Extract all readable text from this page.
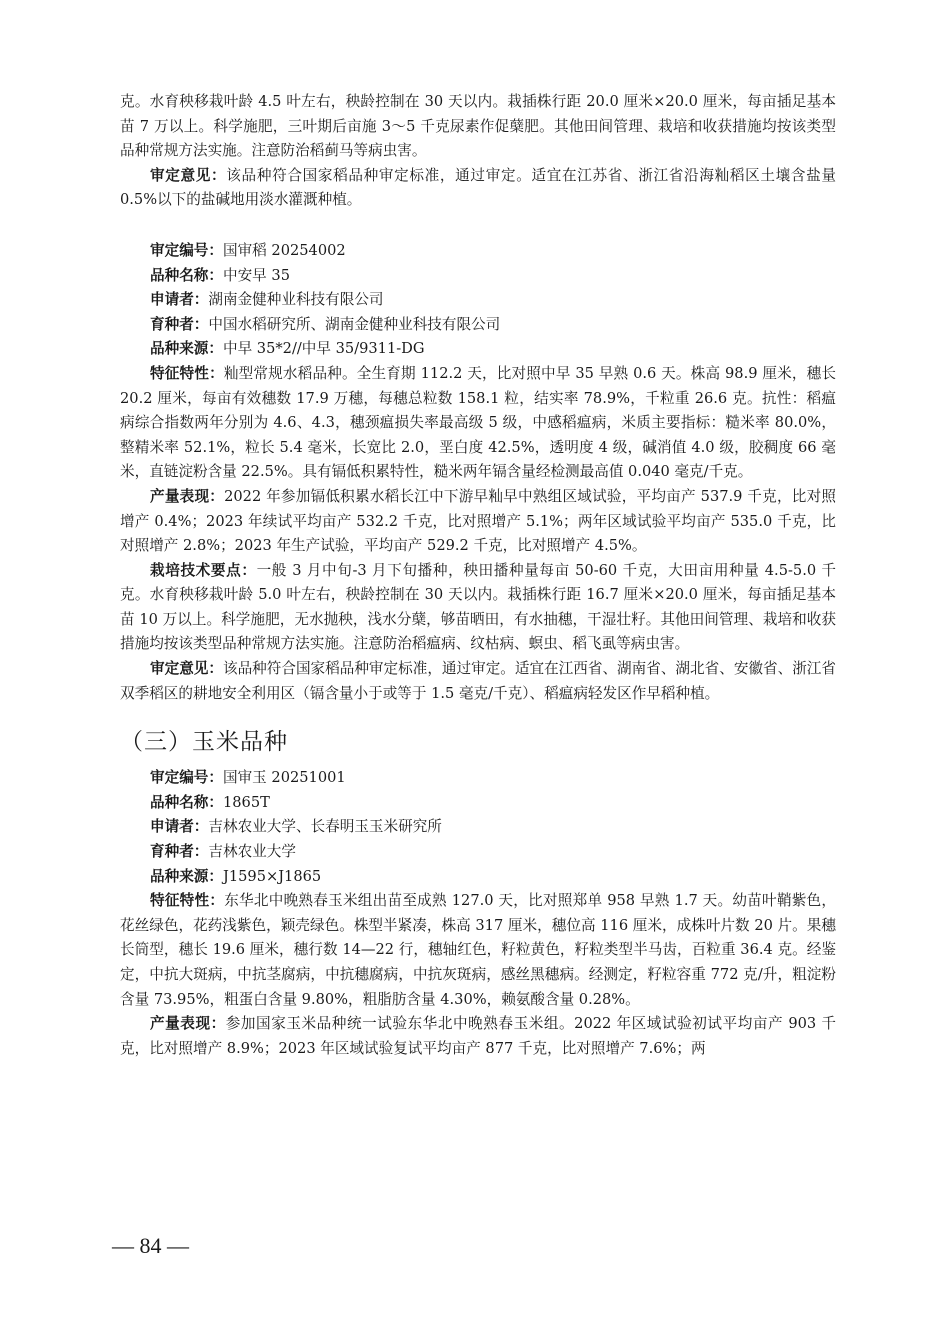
克。水育秧移栽叶龄 4.5 叶左右，秧龄控制在 30 天以内。栽插株行距 20.0 厘米×20.0 厘米，每亩插足基本苗 7 万以上。科学施肥，三叶期后亩施 3～5 千克尿素作促蘖肥。其他田间管理、栽培和收获措施均按该类型品种常规方法实施。注意防治稻蓟马等病虫害。

审定意见：该品种符合国家稻品种审定标准，通过审定。适宜在江苏省、浙江省沿海籼稻区土壤含盐量 0.5%以下的盐碱地用淡水灌溉种植。

审定编号：国审稻 20254002

品种名称：中安早 35

申请者：湖南金健种业科技有限公司

育种者：中国水稻研究所、湖南金健种业科技有限公司

品种来源：中早 35*2//中早 35/9311-DG

特征特性：籼型常规水稻品种。全生育期 112.2 天，比对照中早 35 早熟 0.6 天。株高 98.9 厘米，穗长 20.2 厘米，每亩有效穗数 17.9 万穗，每穗总粒数 158.1 粒，结实率 78.9%，千粒重 26.6 克。抗性：稻瘟病综合指数两年分别为 4.6、4.3，穗颈瘟损失率最高级 5 级，中感稻瘟病，米质主要指标：糙米率 80.0%，整精米率 52.1%，粒长 5.4 毫米，长宽比 2.0，垩白度 42.5%，透明度 4 级，碱消值 4.0 级，胶稠度 66 毫米，直链淀粉含量 22.5%。具有镉低积累特性，糙米两年镉含量经检测最高值 0.040 毫克/千克。

产量表现：2022 年参加镉低积累水稻长江中下游早籼早中熟组区域试验，平均亩产 537.9 千克，比对照增产 0.4%；2023 年续试平均亩产 532.2 千克，比对照增产 5.1%；两年区域试验平均亩产 535.0 千克，比对照增产 2.8%；2023 年生产试验，平均亩产 529.2 千克，比对照增产 4.5%。

栽培技术要点：一般 3 月中旬-3 月下旬播种，秧田播种量每亩 50-60 千克，大田亩用种量 4.5-5.0 千克。水育秧移栽叶龄 5.0 叶左右，秧龄控制在 30 天以内。栽插株行距 16.7 厘米×20.0 厘米，每亩插足基本苗 10 万以上。科学施肥，无水抛秧，浅水分蘖，够苗晒田，有水抽穗，干湿壮籽。其他田间管理、栽培和收获措施均按该类型品种常规方法实施。注意防治稻瘟病、纹枯病、螟虫、稻飞虱等病虫害。

审定意见：该品种符合国家稻品种审定标准，通过审定。适宜在江西省、湖南省、湖北省、安徽省、浙江省双季稻区的耕地安全利用区（镉含量小于或等于 1.5 毫克/千克）、稻瘟病轻发区作早稻种植。

（三）玉米品种

审定编号：国审玉 20251001

品种名称：1865T

申请者：吉林农业大学、长春明玉玉米研究所

育种者：吉林农业大学

品种来源：J1595×J1865

特征特性：东华北中晚熟春玉米组出苗至成熟 127.0 天，比对照郑单 958 早熟 1.7 天。幼苗叶鞘紫色，花丝绿色，花药浅紫色，颖壳绿色。株型半紧凑，株高 317 厘米，穗位高 116 厘米，成株叶片数 20 片。果穗长筒型，穗长 19.6 厘米，穗行数 14—22 行，穗轴红色，籽粒黄色，籽粒类型半马齿，百粒重 36.4 克。经鉴定，中抗大斑病，中抗茎腐病，中抗穗腐病，中抗灰斑病，感丝黑穗病。经测定，籽粒容重 772 克/升，粗淀粉含量 73.95%，粗蛋白含量 9.80%，粗脂肪含量 4.30%，赖氨酸含量 0.28%。

产量表现：参加国家玉米品种统一试验东华北中晚熟春玉米组。2022 年区域试验初试平均亩产 903 千克，比对照增产 8.9%；2023 年区域试验复试平均亩产 877 千克，比对照增产 7.6%；两

— 84 —
